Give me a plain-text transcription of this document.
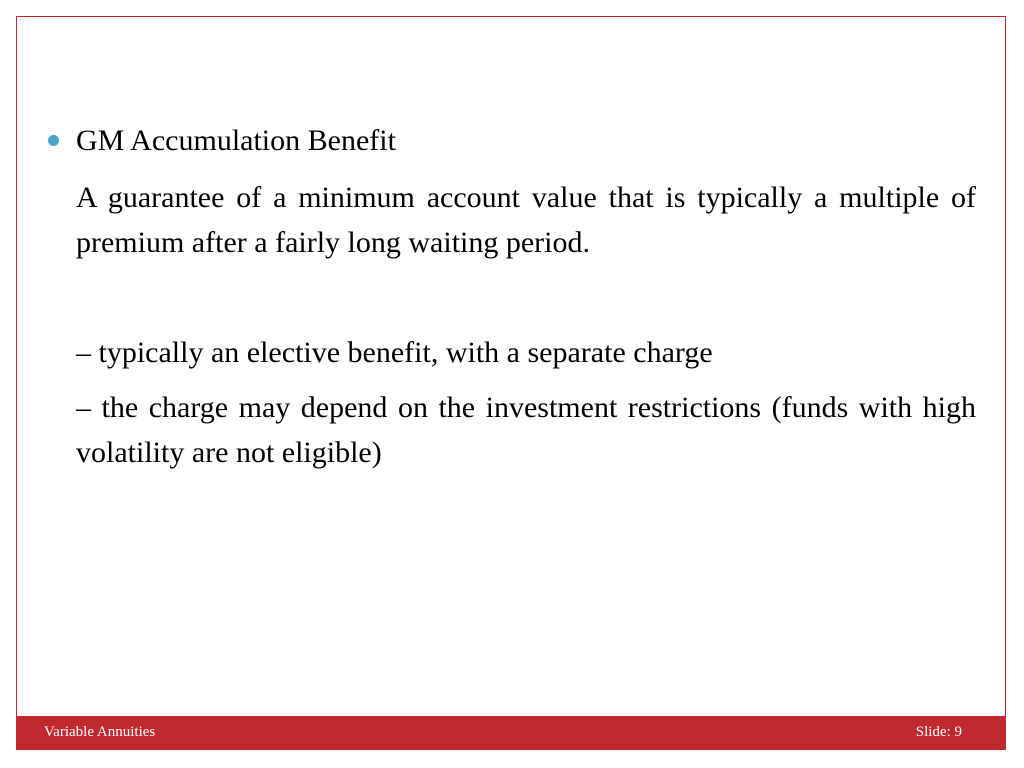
GM Accumulation Benefit

A guarantee of a minimum account value that is typically a multiple of premium after a fairly long waiting period.

– typically an elective benefit, with a separate charge

– the charge may depend on the investment restrictions (funds with high volatility are not eligible)

Variable Annuities	Slide: 9
